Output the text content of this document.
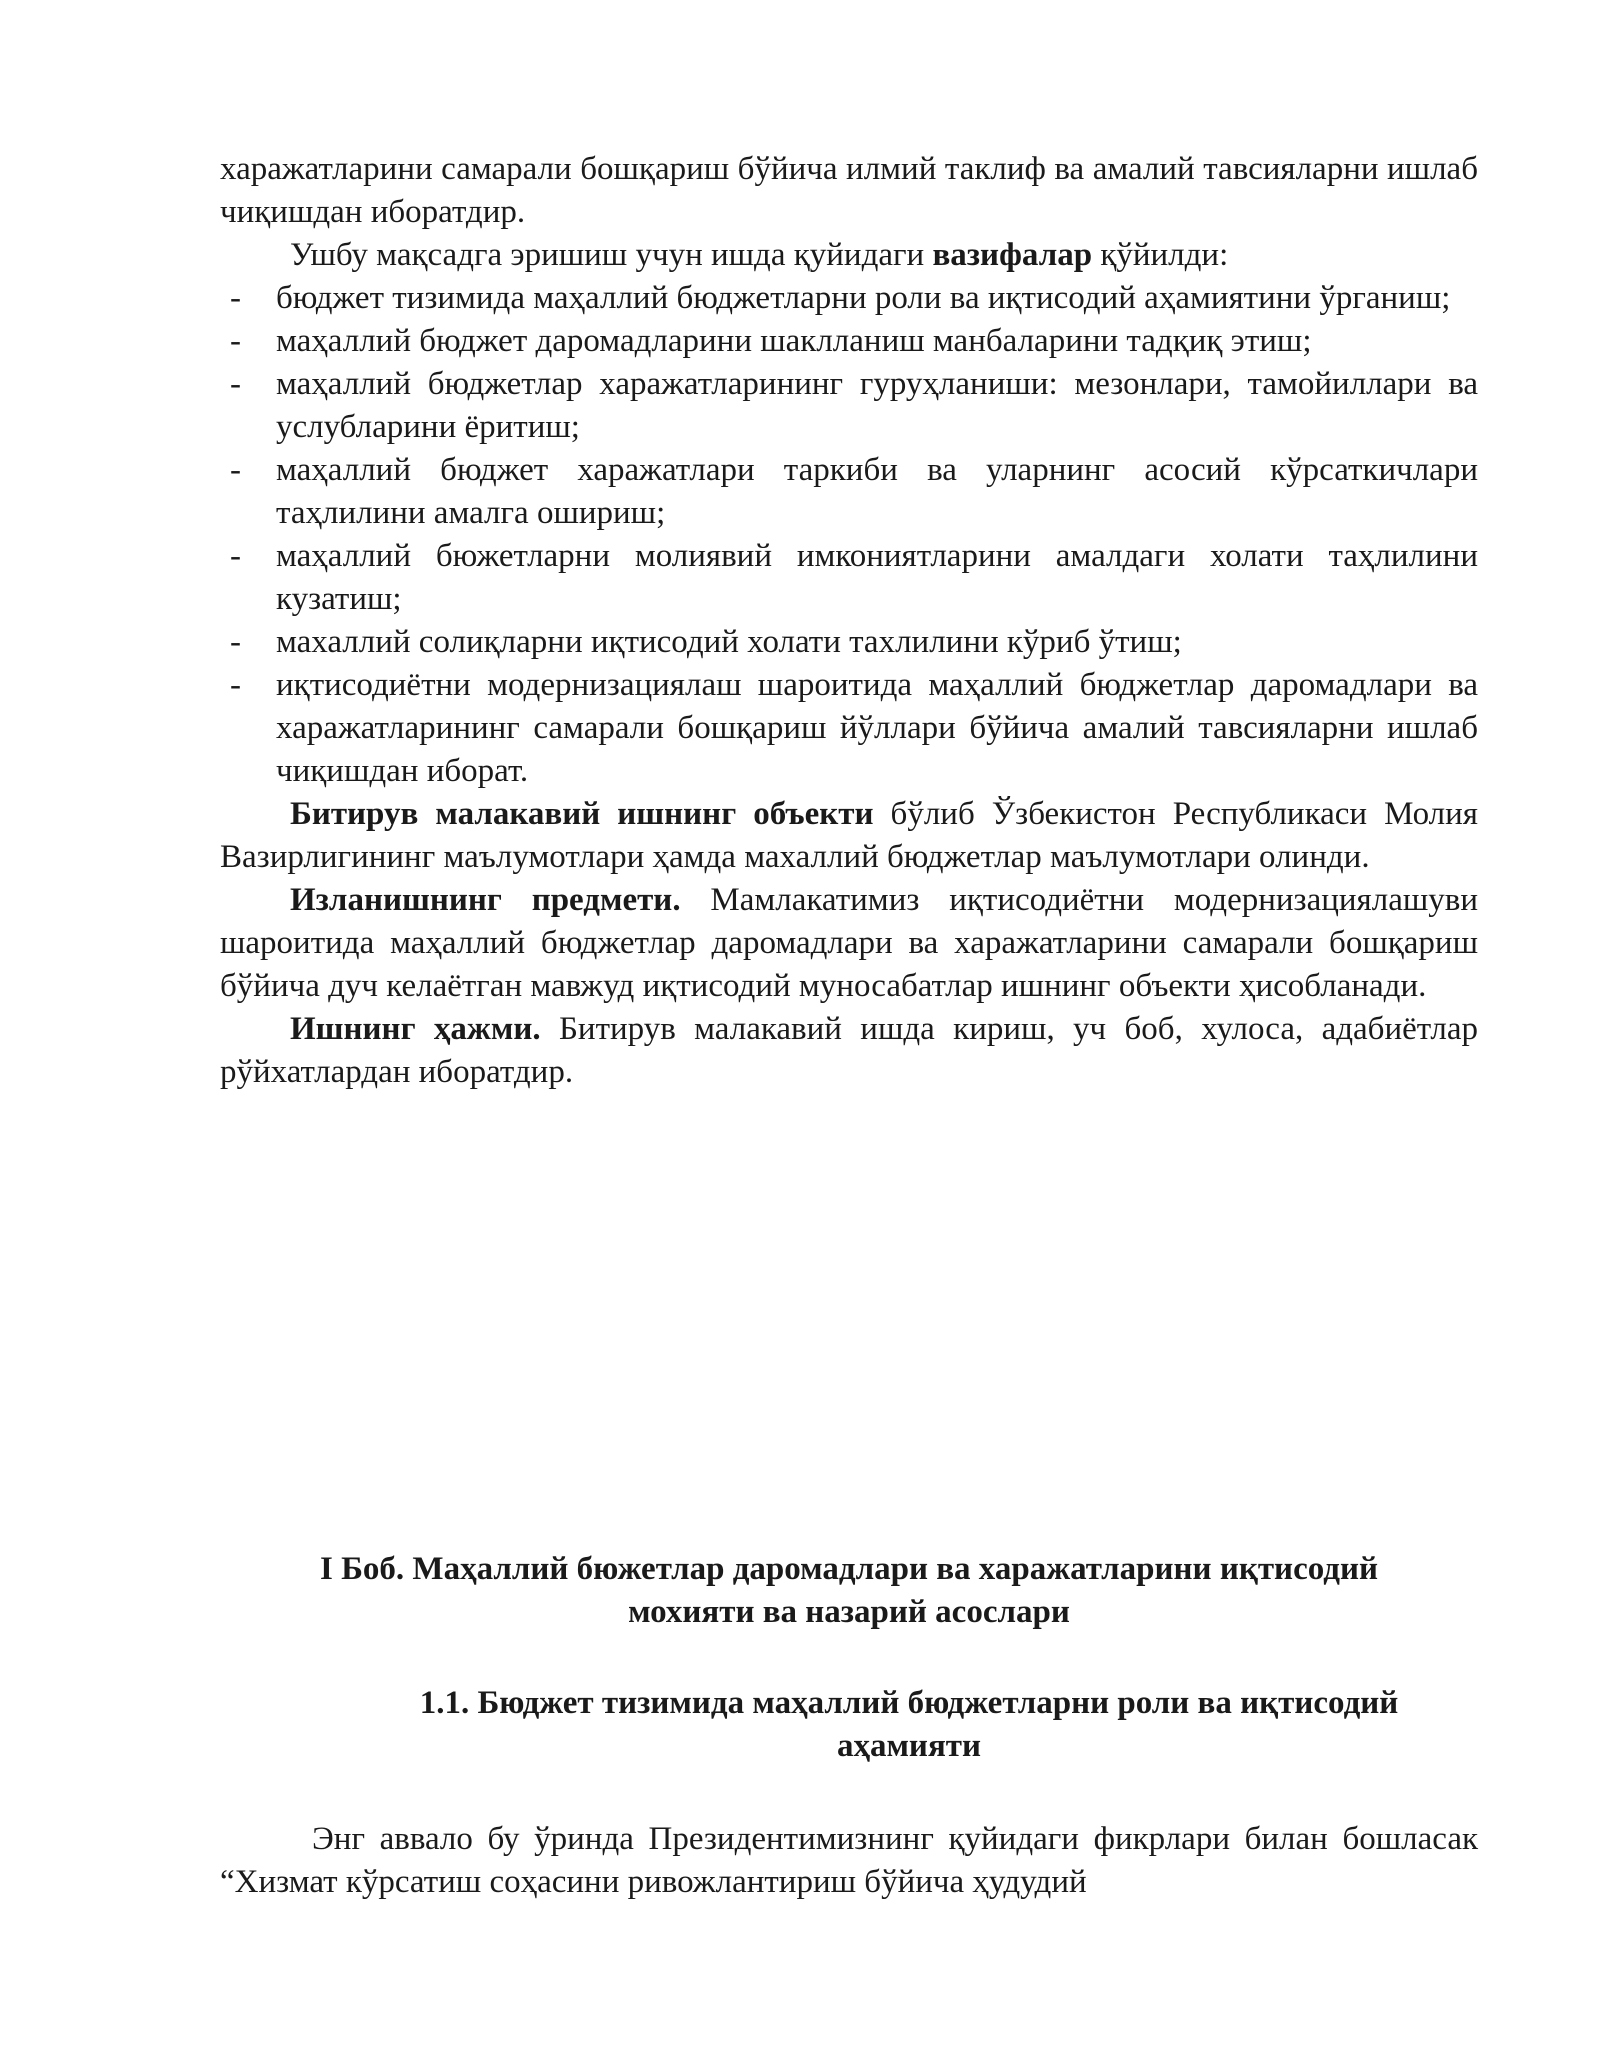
харажатларини самарали бошқариш бўйича илмий таклиф ва амалий тавсияларни ишлаб чиқишдан иборатдир.

Ушбу мақсадга эришиш учун ишда қуйидаги вазифалар қўйилди:

- бюджет тизимида маҳаллий бюджетларни роли ва иқтисодий аҳамиятини ўрганиш;
- маҳаллий бюджет даромадларини шаклланиш манбаларини тадқиқ этиш;
- маҳаллий бюджетлар харажатларининг гуруҳланиши: мезонлари, тамойиллари ва услубларини ёритиш;
- маҳаллий бюджет харажатлари таркиби ва уларнинг асосий кўрсаткичлари таҳлилини амалга ошириш;
- маҳаллий бюжетларни молиявий имкониятларини амалдаги холати таҳлилини кузатиш;
- махаллий солиқларни иқтисодий холати тахлилини кўриб ўтиш;
- иқтисодиётни модернизациялаш шароитида маҳаллий бюджетлар даромадлари ва харажатларининг самарали бошқариш йўллари бўйича амалий тавсияларни ишлаб чиқишдан иборат.

Битирув малакавий ишнинг объекти бўлиб Ўзбекистон Республикаси Молия Вазирлигининг маълумотлари ҳамда махаллий бюджетлар маълумотлари олинди.

Изланишнинг предмети. Мамлакатимиз иқтисодиётни модернизациялашуви шароитида маҳаллий бюджетлар даромадлари ва харажатларини самарали бошқариш бўйича дуч келаётган мавжуд иқтисодий муносабатлар ишнинг объекти ҳисобланади.

Ишнинг ҳажми. Битирув малакавий ишда кириш, уч боб, хулоса, адабиётлар рўйхатлардан иборатдир.

I Боб. Маҳаллий бюжетлар даромадлари ва харажатларини иқтисодий
мохияти ва назарий асослари
1.1. Бюджет тизимида маҳаллий бюджетларни роли ва иқтисодий
аҳамияти

Энг аввало бу ўринда Президентимизнинг қуйидаги фикрлари билан бошласак “Хизмат кўрсатиш соҳасини ривожлантириш бўйича ҳудудий
